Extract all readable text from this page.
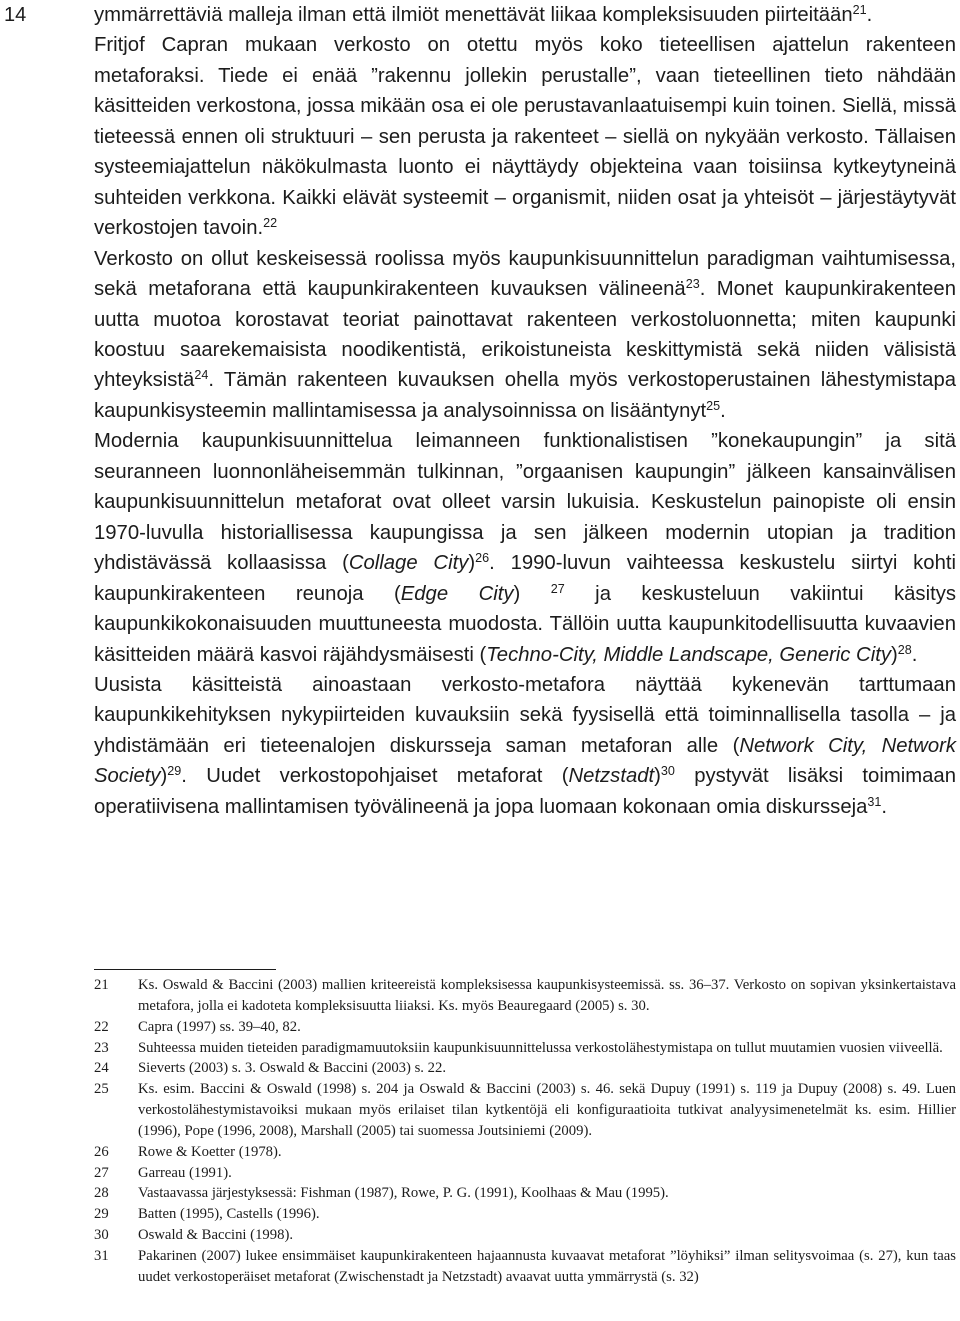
14	ymmärrettäviä malleja ilman että ilmiöt menettävät liikaa kompleksisuuden piirteitään$^{21}$.

Fritjof Capran mukaan verkosto on otettu myös koko tieteellisen ajattelun rakenteen metaforaksi. Tiede ei enää ”rakennu jollekin perustalle”, vaan tieteellinen tieto nähdään käsitteiden verkostona, jossa mikään osa ei ole perustavanlaatuisempi kuin toinen. Siellä, missä tieteessä ennen oli struktuuri – sen perusta ja rakenteet – siellä on nykyään verkosto. Tällaisen systeemiajattelun näkökulmasta luonto ei näyttäydy objekteina vaan toisiinsa kytkeytyneinä suhteiden verkkona. Kaikki elävät systeemit – organismit, niiden osat ja yhteisöt – järjestäytyvät verkostojen tavoin.$^{22}$

Verkosto on ollut keskeisessä roolissa myös kaupunkisuunnittelun paradigman vaihtumisessa, sekä metaforana että kaupunkirakenteen kuvauksen välineenä$^{23}$. Monet kaupunkirakenteen uutta muotoa korostavat teoriat painottavat rakenteen verkostoluonnetta; miten kaupunki koostuu saarekemaisista noodikentistä, erikoistuneista keskittymistä sekä niiden välisistä yhteyksistä$^{24}$. Tämän rakenteen kuvauksen ohella myös verkostoperustainen lähestymistapa kaupunkisysteemin mallintamisessa ja analysoinnissa on lisääntynyt$^{25}$.

Modernia kaupunkisuunnittelua leimanneen funktionalistisen ”konekaupungin” ja sitä seuranneen luonnonläheisemmän tulkinnan, ”orgaanisen kaupungin” jälkeen kansainvälisen kaupunkisuunnittelun metaforat ovat olleet varsin lukuisia. Keskustelun painopiste oli ensin 1970-luvulla historiallisessa kaupungissa ja sen jälkeen modernin utopian ja tradition yhdistävässä kollaasissa (Collage City)$^{26}$. 1990-luvun vaihteessa keskustelu siirtyi kohti kaupunkirakenteen reunoja (Edge City) $^{27}$ ja keskusteluun vakiintui käsitys kaupunkikokonaisuuden muuttuneesta muodosta. Tällöin uutta kaupunkitodellisuutta kuvaavien käsitteiden määrä kasvoi räjähdysmäisesti (Techno-City, Middle Landscape, Generic City)$^{28}$.

Uusista käsitteistä ainoastaan verkosto-metafora näyttää kykenevän tarttumaan kaupunkikehityksen nykypiirteiden kuvauksiin sekä fyysisellä että toiminnallisella tasolla – ja yhdistämään eri tieteenalojen diskursseja saman metaforan alle (Network City, Network Society)$^{29}$. Uudet verkostopohjaiset metaforat (Netzstadt)$^{30}$ pystyvät lisäksi toimimaan operatiivisena mallintamisen työvälineenä ja jopa luomaan kokonaan omia diskursseja$^{31}$.

21	Ks. Oswald & Baccini (2003) mallien kriteereistä kompleksisessa kaupunkisysteemissä. ss. 36–37. Verkosto on sopivan yksinkertaistava metafora, jolla ei kadoteta kompleksisuutta liiaksi. Ks. myös Beauregaard (2005) s. 30.
22	Capra (1997) ss. 39–40, 82.
23	Suhteessa muiden tieteiden paradigmamuutoksiin kaupunkisuunnittelussa verkostolähestymistapa on tullut muutamien vuosien viiveellä.
24	Sieverts (2003) s. 3. Oswald & Baccini (2003) s. 22.
25	Ks. esim. Baccini & Oswald (1998) s. 204 ja Oswald & Baccini (2003) s. 46. sekä Dupuy (1991) s. 119 ja Dupuy (2008) s. 49. Luen verkostolähestymistavoiksi mukaan myös erilaiset tilan kytkentöjä eli konfiguraatioita tutkivat analyysimenetelmät ks. esim. Hillier (1996), Pope (1996, 2008), Marshall (2005) tai suomessa Joutsiniemi (2009).
26	Rowe & Koetter (1978).
27	Garreau (1991).
28	Vastaavassa järjestyksessä: Fishman (1987), Rowe, P. G. (1991), Koolhaas & Mau (1995).
29	Batten (1995), Castells (1996).
30	Oswald & Baccini (1998).
31	Pakarinen (2007) lukee ensimmäiset kaupunkirakenteen hajaannusta kuvaavat metaforat ”löyhiksi” ilman selitysvoimaa (s. 27), kun taas uudet verkostoperäiset metaforat (Zwischenstadt ja Netzstadt) avaavat uutta ymmärrystä (s. 32)
